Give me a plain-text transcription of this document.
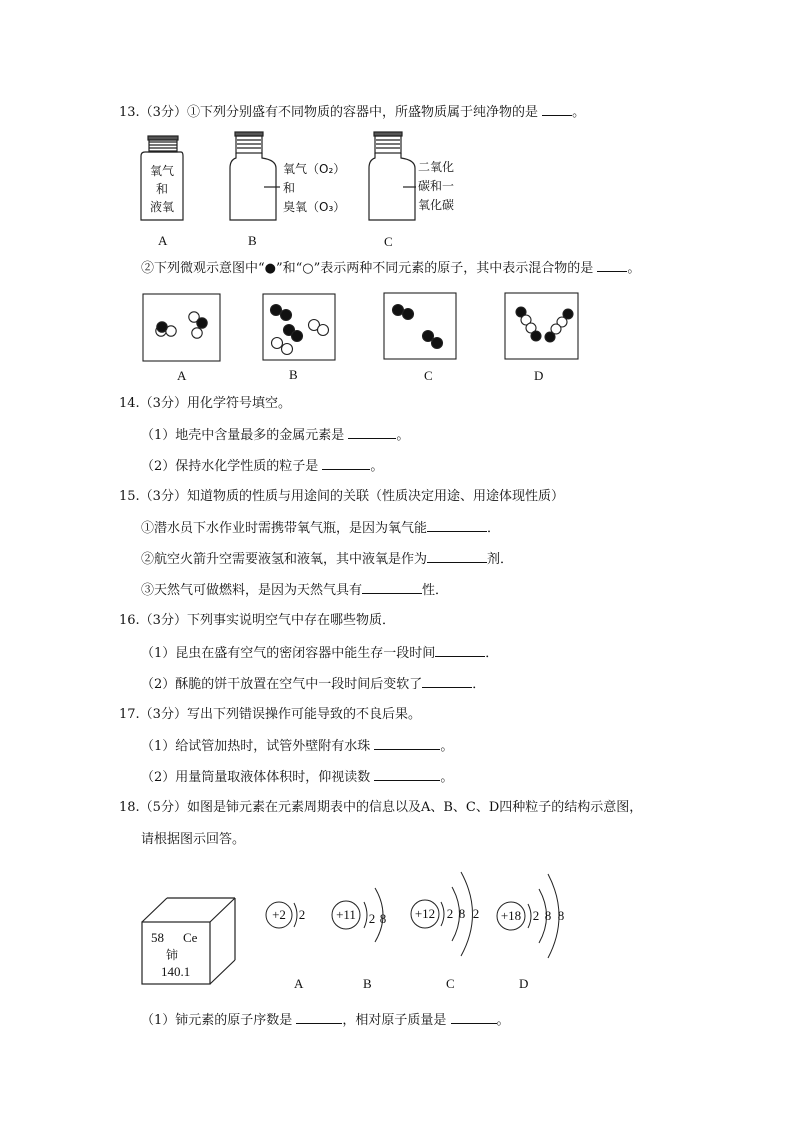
13.（3分）①下列分别盛有不同物质的容器中，所盛物质属于纯净物的是 。
氧气
和
液氧
氧气（O₂）
和
臭氧（O₃）
二氧化
碳和一
氧化碳
A	B	C
A	B	C	D
58 Ce
铈
140.1
+2 2
A
+11 2 8
B
+12 2 8 2
C
+18 2 8 8
D
②下列微观示意图中“●”和“○”表示两种不同元素的原子，其中表示混合物的是 。
14.（3分）用化学符号填空。
（1）地壳中含量最多的金属元素是	。
（2）保持水化学性质的粒子是	。
15.（3分）知道物质的性质与用途间的关联（性质决定用途、用途体现性质）
①潜水员下水作业时需携带氧气瓶，是因为氧气能	．
②航空火箭升空需要液氢和液氧，其中液氧是作为	剂．
③天然气可做燃料，是因为天然气具有	性．
16.（3分）下列事实说明空气中存在哪些物质．
（1）昆虫在盛有空气的密闭容器中能生存一段时间	．
（2）酥脆的饼干放置在空气中一段时间后变软了	．
17.（3分）写出下列错误操作可能导致的不良后果。
（1）给试管加热时，试管外壁附有水珠	。
（2）用量筒量取液体体积时，仰视读数	。
18.（5分）如图是铈元素在元素周期表中的信息以及A、B、C、D四种粒子的结构示意图，
请根据图示回答。
（1）铈元素的原子序数是	，相对原子质量是	。
